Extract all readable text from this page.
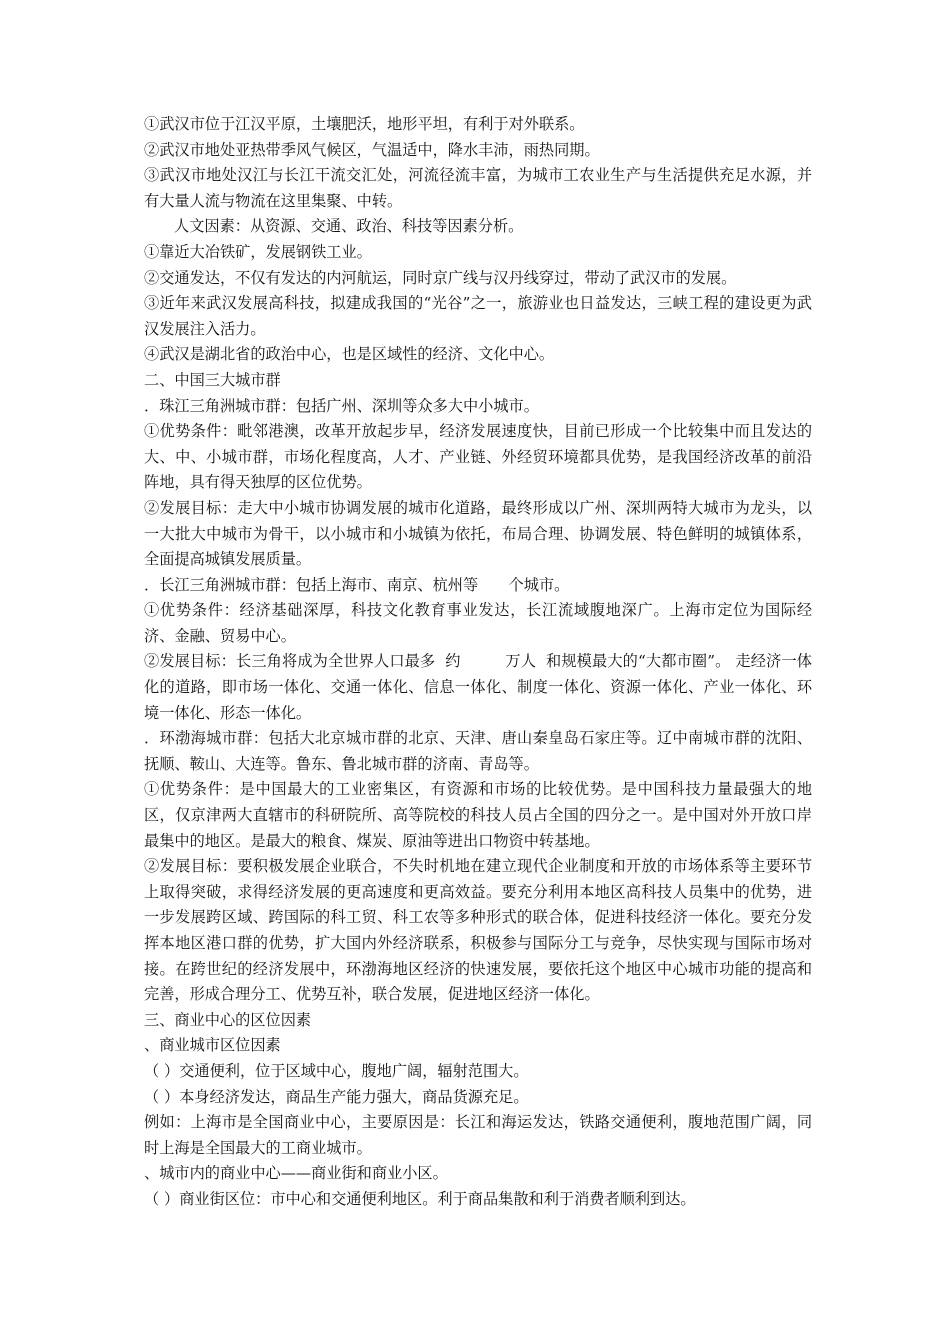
①武汉市位于江汉平原，土壤肥沃，地形平坦，有利于对外联系。

②武汉市地处亚热带季风气候区，气温适中，降水丰沛，雨热同期。

③武汉市地处汉江与长江干流交汇处，河流径流丰富，为城市工农业生产与生活提供充足水源，并有大量人流与物流在这里集聚、中转。

人文因素：从资源、交通、政治、科技等因素分析。

①靠近大冶铁矿，发展钢铁工业。

②交通发达，不仅有发达的内河航运，同时京广线与汉丹线穿过，带动了武汉市的发展。

③近年来武汉发展高科技，拟建成我国的“光谷”之一，旅游业也日益发达，三峡工程的建设更为武汉发展注入活力。

④武汉是湖北省的政治中心，也是区域性的经济、文化中心。

二、中国三大城市群

．珠江三角洲城市群：包括广州、深圳等众多大中小城市。

①优势条件：毗邻港澳，改革开放起步早，经济发展速度快，目前已形成一个比较集中而且发达的大、中、小城市群，市场化程度高，人才、产业链、外经贸环境都具优势，是我国经济改革的前沿阵地，具有得天独厚的区位优势。

②发展目标：走大中小城市协调发展的城市化道路，最终形成以广州、深圳两特大城市为龙头，以一大批大中城市为骨干，以小城市和小城镇为依托，布局合理、协调发展、特色鲜明的城镇体系，全面提高城镇发展质量。

．长江三角洲城市群：包括上海市、南京、杭州等　　个城市。

①优势条件：经济基础深厚，科技文化教育事业发达，长江流域腹地深广。上海市定位为国际经济、金融、贸易中心。

②发展目标：长三角将成为全世界人口最多  约         万人  和规模最大的“大都市圈”。 走经济一体化的道路，即市场一体化、交通一体化、信息一体化、制度一体化、资源一体化、产业一体化、环境一体化、形态一体化。

．环渤海城市群：包括大北京城市群的北京、天津、唐山秦皇岛石家庄等。辽中南城市群的沈阳、抚顺、鞍山、大连等。鲁东、鲁北城市群的济南、青岛等。

①优势条件：是中国最大的工业密集区，有资源和市场的比较优势。是中国科技力量最强大的地区，仅京津两大直辖市的科研院所、高等院校的科技人员占全国的四分之一。是中国对外开放口岸最集中的地区。是最大的粮食、煤炭、原油等进出口物资中转基地。

②发展目标：要积极发展企业联合，不失时机地在建立现代企业制度和开放的市场体系等主要环节上取得突破，求得经济发展的更高速度和更高效益。要充分利用本地区高科技人员集中的优势，进一步发展跨区域、跨国际的科工贸、科工农等多种形式的联合体，促进科技经济一体化。要充分发挥本地区港口群的优势，扩大国内外经济联系，积极参与国际分工与竞争，尽快实现与国际市场对接。在跨世纪的经济发展中，环渤海地区经济的快速发展，要依托这个地区中心城市功能的提高和完善，形成合理分工、优势互补，联合发展，促进地区经济一体化。

三、商业中心的区位因素

、商业城市区位因素

（ ）交通便利，位于区域中心，腹地广阔，辐射范围大。

（ ）本身经济发达，商品生产能力强大，商品货源充足。

例如：上海市是全国商业中心，主要原因是：长江和海运发达，铁路交通便利，腹地范围广阔，同时上海是全国最大的工商业城市。

、城市内的商业中心——商业街和商业小区。

（ ）商业街区位：市中心和交通便利地区。利于商品集散和利于消费者顺利到达。
